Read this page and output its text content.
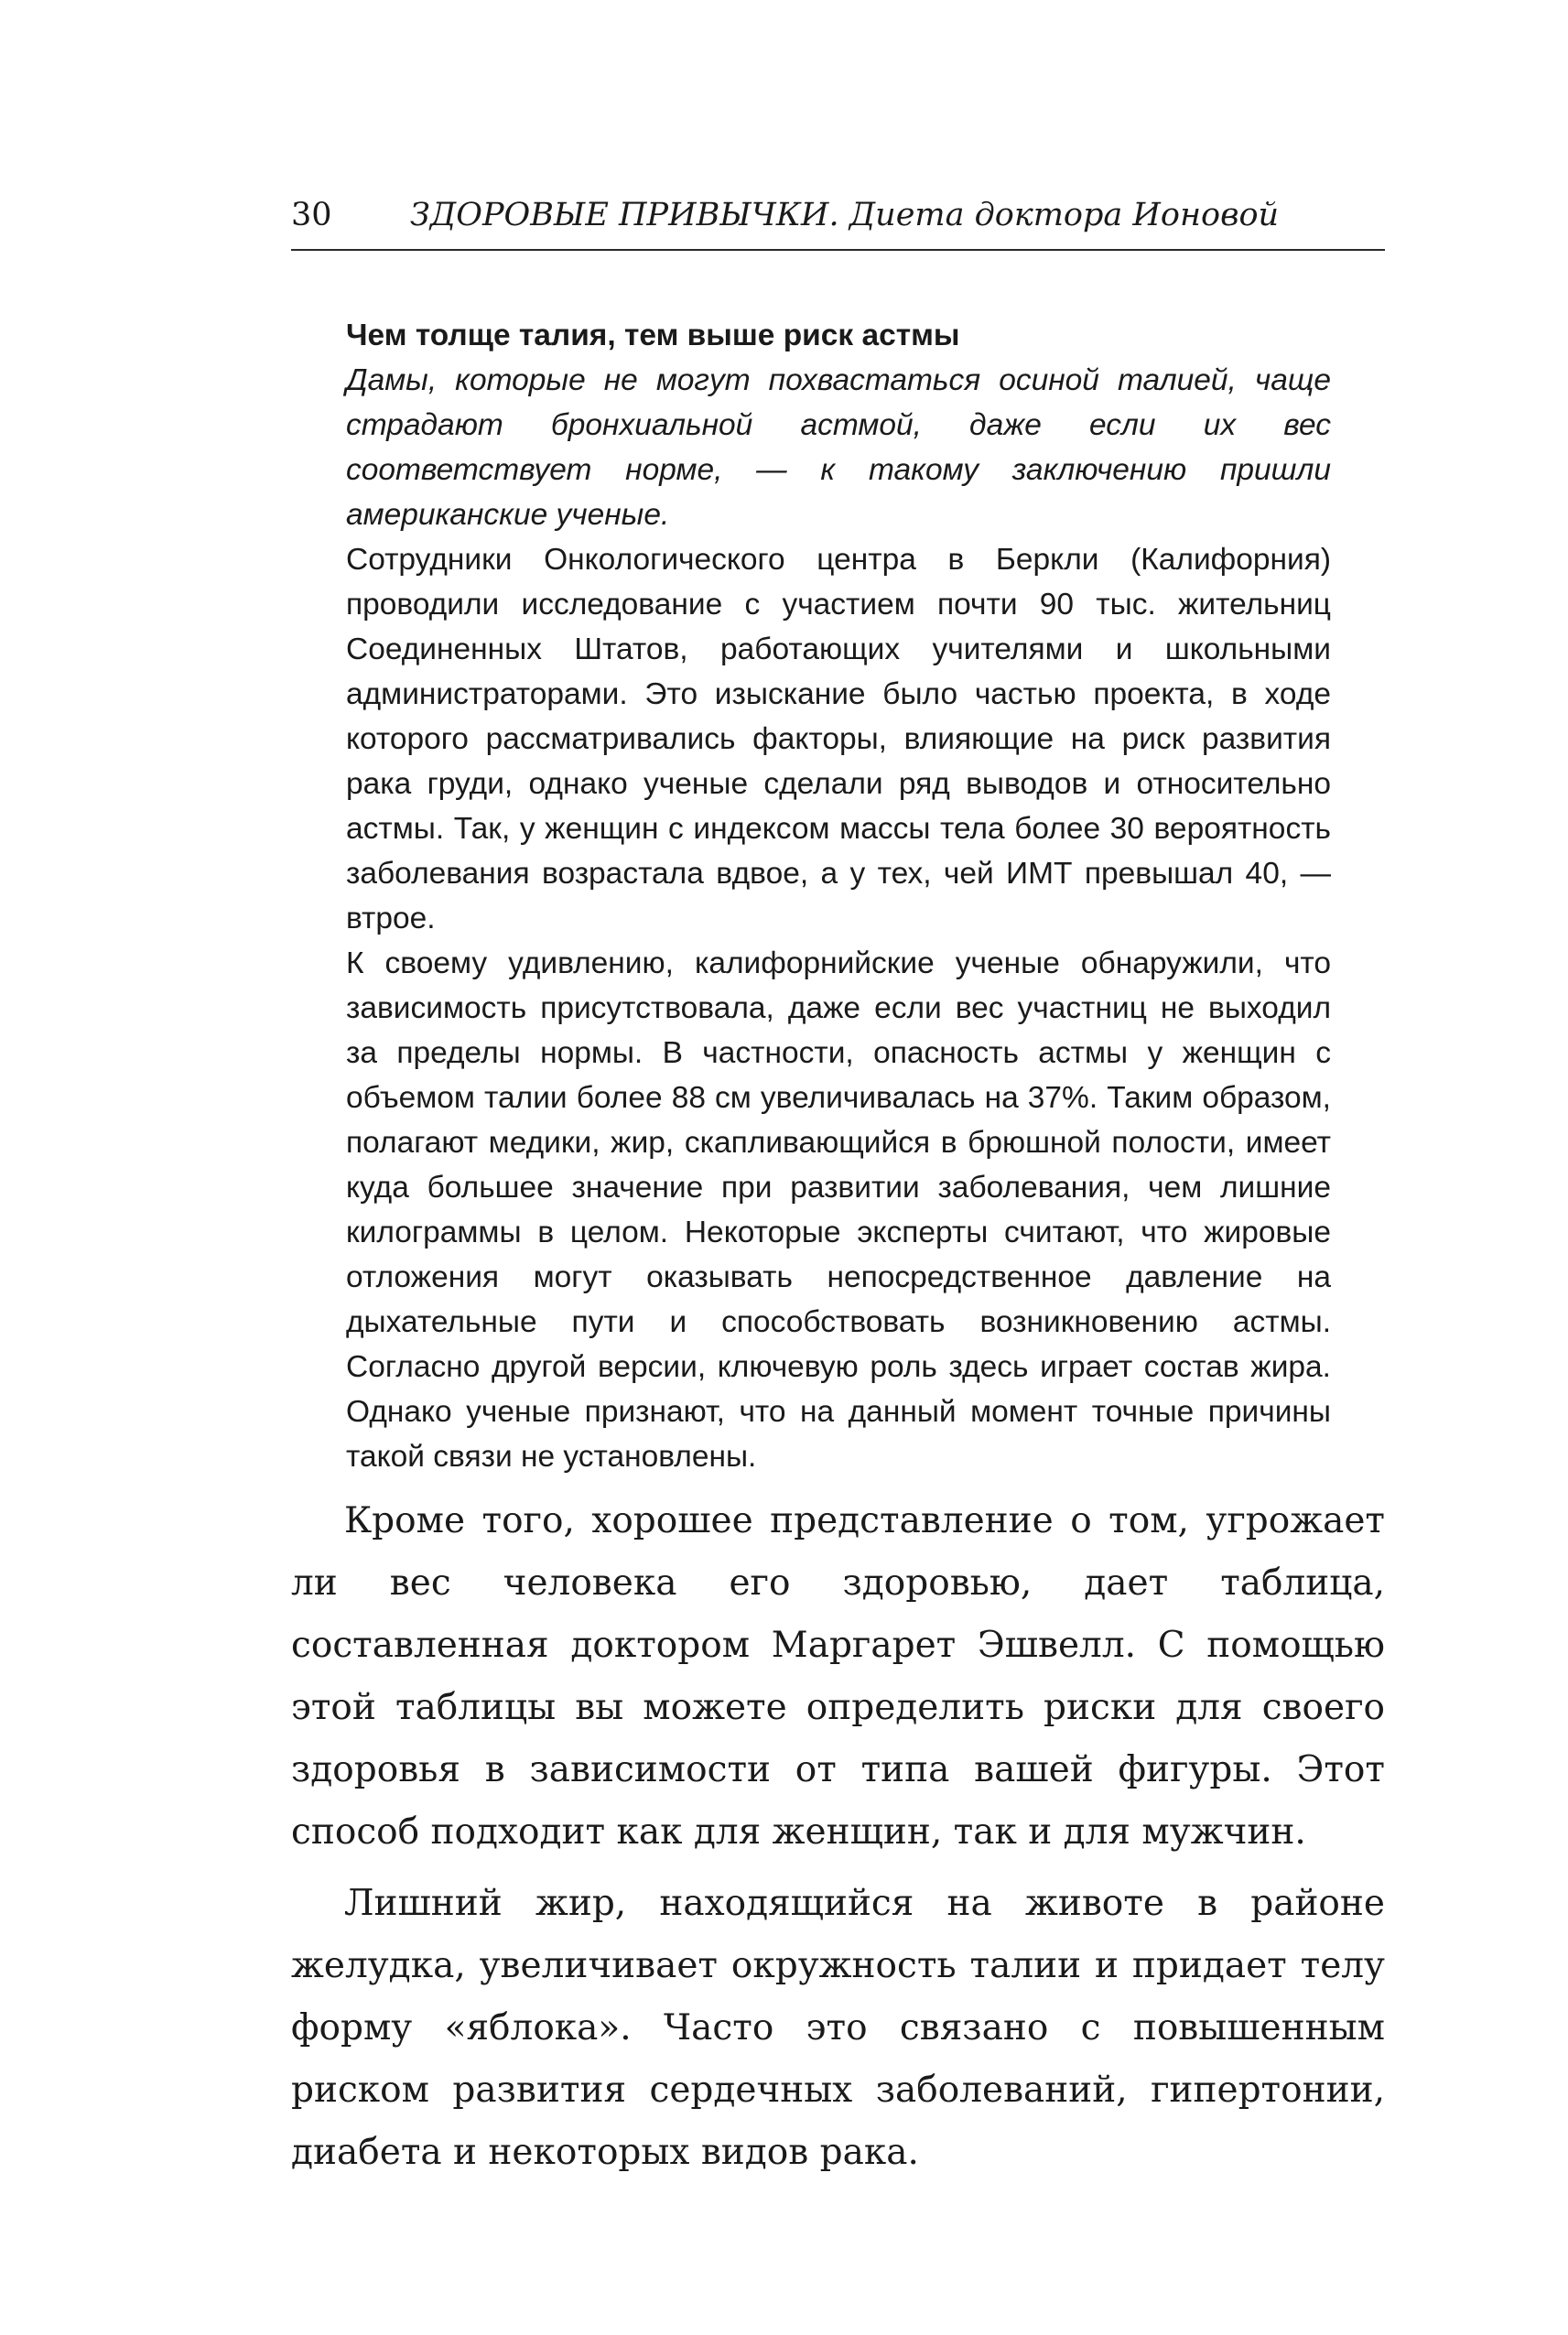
30 ЗДОРОВЫЕ ПРИВЫЧКИ. Диета доктора Ионовой

Чем толще талия, тем выше риск астмы

Дамы, которые не могут похвастаться осиной талией, чаще страдают бронхиальной астмой, даже если их вес соответствует норме, — к такому заключению пришли американские ученые.

Сотрудники Онкологического центра в Беркли (Калифорния) проводили исследование с участием почти 90 тыс. жительниц Соединенных Штатов, работающих учителями и школьными администраторами. Это изыскание было частью проекта, в ходе которого рассматривались факторы, влияющие на риск развития рака груди, однако ученые сделали ряд выводов и относительно астмы. Так, у женщин с индексом массы тела более 30 вероятность заболевания возрастала вдвое, а у тех, чей ИМТ превышал 40, — втрое.

К своему удивлению, калифорнийские ученые обнаружили, что зависимость присутствовала, даже если вес участниц не выходил за пределы нормы. В частности, опасность астмы у женщин с объемом талии более 88 см увеличивалась на 37%. Таким образом, полагают медики, жир, скапливающийся в брюшной полости, имеет куда большее значение при развитии заболевания, чем лишние килограммы в целом. Некоторые эксперты считают, что жировые отложения могут оказывать непосредственное давление на дыхательные пути и способствовать возникновению астмы. Согласно другой версии, ключевую роль здесь играет состав жира. Однако ученые признают, что на данный момент точные причины такой связи не установлены.

Кроме того, хорошее представление о том, угрожает ли вес человека его здоровью, дает таблица, составленная доктором Маргарет Эшвелл. С помощью этой таблицы вы можете определить риски для своего здоровья в зависимости от типа вашей фигуры. Этот способ подходит как для женщин, так и для мужчин.

Лишний жир, находящийся на животе в районе желудка, увеличивает окружность талии и придает телу форму «яблока». Часто это связано с повышенным риском развития сердечных заболеваний, гипертонии, диабета и некоторых видов рака.
